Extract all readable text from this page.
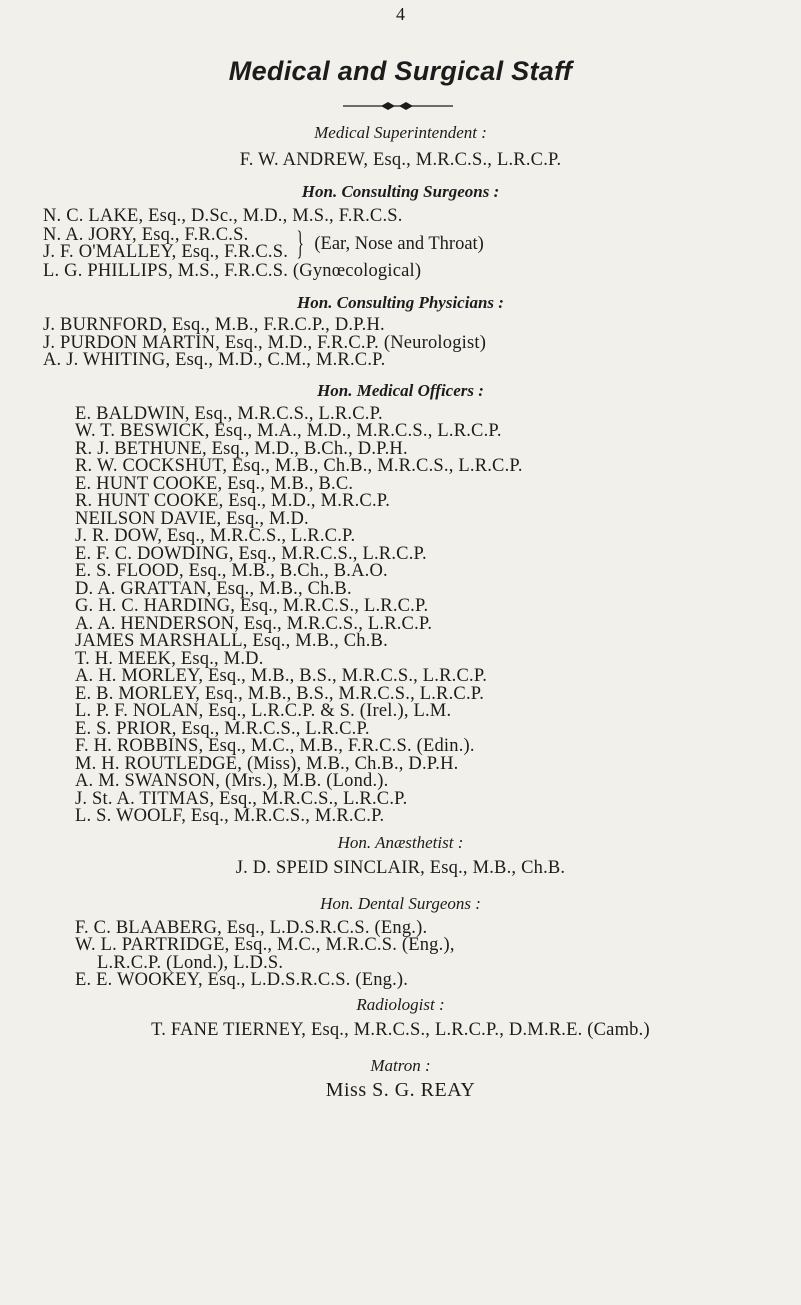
4
Medical and Surgical Staff

Medical Superintendent :

F. W. ANDREW, Esq., M.R.C.S., L.R.C.P.

Hon. Consulting Surgeons :

N. C. LAKE, Esq., D.Sc., M.D., M.S., F.R.C.S.
N. A. JORY, Esq., F.R.C.S.
J. F. O'MALLEY, Esq., F.R.C.S. } (Ear, Nose and Throat)
L. G. PHILLIPS, M.S., F.R.C.S. (Gynœcological)

Hon. Consulting Physicians :

J. BURNFORD, Esq., M.B., F.R.C.P., D.P.H.
J. PURDON MARTIN, Esq., M.D., F.R.C.P. (Neurologist)
A. J. WHITING, Esq., M.D., C.M., M.R.C.P.

Hon. Medical Officers :

E. BALDWIN, Esq., M.R.C.S., L.R.C.P.
W. T. BESWICK, Esq., M.A., M.D., M.R.C.S., L.R.C.P.
R. J. BETHUNE, Esq., M.D., B.Ch., D.P.H.
R. W. COCKSHUT, Esq., M.B., Ch.B., M.R.C.S., L.R.C.P.
E. HUNT COOKE, Esq., M.B., B.C.
R. HUNT COOKE, Esq., M.D., M.R.C.P.
NEILSON DAVIE, Esq., M.D.
J. R. DOW, Esq., M.R.C.S., L.R.C.P.
E. F. C. DOWDING, Esq., M.R.C.S., L.R.C.P.
E. S. FLOOD, Esq., M.B., B.Ch., B.A.O.
D. A. GRATTAN, Esq., M.B., Ch.B.
G. H. C. HARDING, Esq., M.R.C.S., L.R.C.P.
A. A. HENDERSON, Esq., M.R.C.S., L.R.C.P.
JAMES MARSHALL, Esq., M.B., Ch.B.
T. H. MEEK, Esq., M.D.
A. H. MORLEY, Esq., M.B., B.S., M.R.C.S., L.R.C.P.
E. B. MORLEY, Esq., M.B., B.S., M.R.C.S., L.R.C.P.
L. P. F. NOLAN, Esq., L.R.C.P. & S. (Irel.), L.M.
E. S. PRIOR, Esq., M.R.C.S., L.R.C.P.
F. H. ROBBINS, Esq., M.C., M.B., F.R.C.S. (Edin.).
M. H. ROUTLEDGE, (Miss), M.B., Ch.B., D.P.H.
A. M. SWANSON, (Mrs.), M.B. (Lond.).
J. St. A. TITMAS, Esq., M.R.C.S., L.R.C.P.
L. S. WOOLF, Esq., M.R.C.S., M.R.C.P.

Hon. Anæsthetist :

J. D. SPEID SINCLAIR, Esq., M.B., Ch.B.

Hon. Dental Surgeons :

F. C. BLAABERG, Esq., L.D.S.R.C.S. (Eng.).
W. L. PARTRIDGE, Esq., M.C., M.R.C.S. (Eng.),
L.R.C.P. (Lond.), L.D.S.
E. E. WOOKEY, Esq., L.D.S.R.C.S. (Eng.).

Radiologist :

T. FANE TIERNEY, Esq., M.R.C.S., L.R.C.P., D.M.R.E. (Camb.)

Matron :

Miss S. G. REAY
